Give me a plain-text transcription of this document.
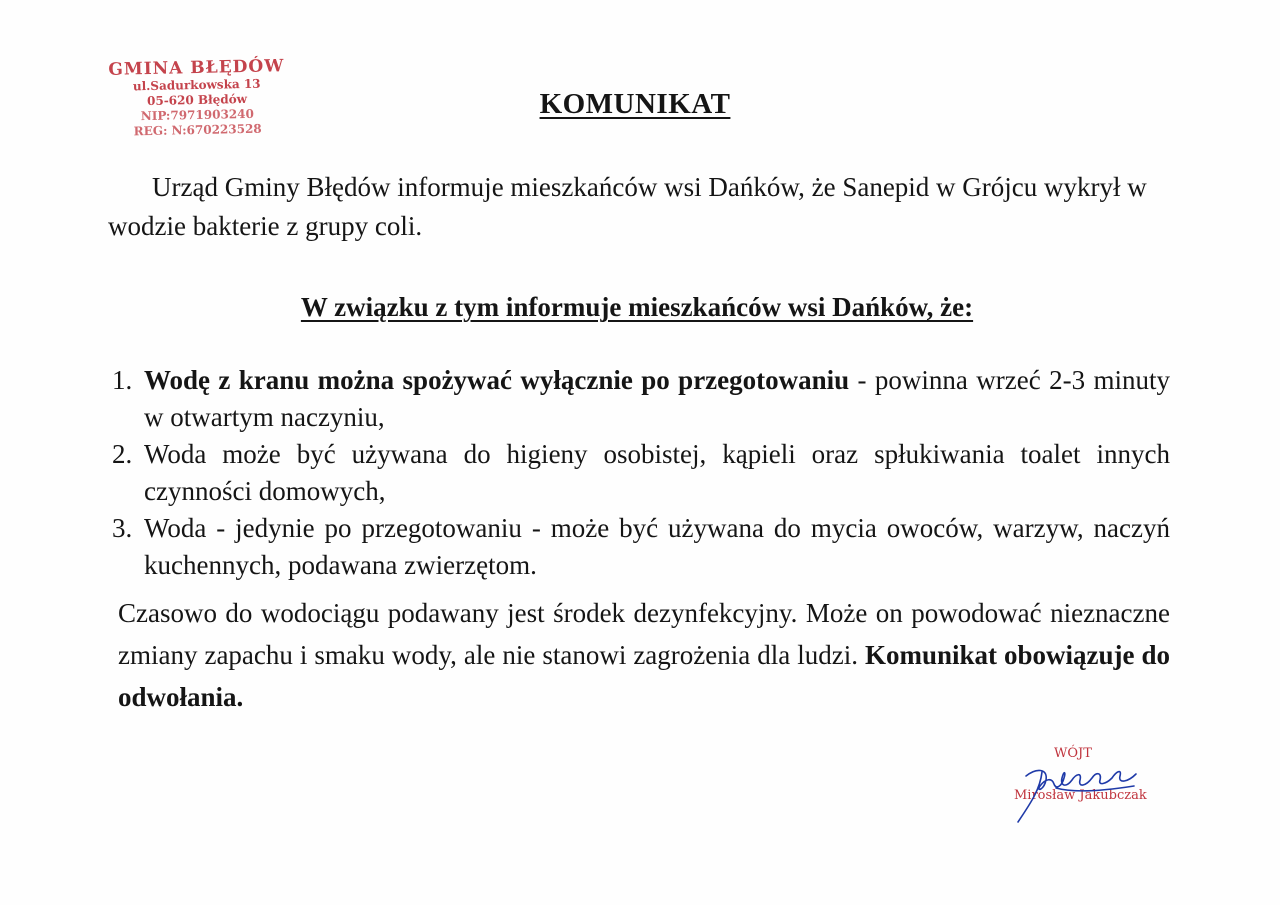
GMINA BŁĘDÓW
ul.Sadurkowska 13
05-620 Błędów
NIP:7971903240
REG: N:670223528
KOMUNIKAT
Urząd Gminy Błędów informuje mieszkańców wsi Dańków, że Sanepid w Grójcu wykrył w wodzie bakterie z grupy coli.
W związku z tym informuje mieszkańców wsi Dańków, że:
1. Wodę z kranu można spożywać wyłącznie po przegotowaniu - powinna wrzeć 2-3 minuty w otwartym naczyniu,
2. Woda może być używana do higieny osobistej, kąpieli oraz spłukiwania toalet innych czynności domowych,
3. Woda - jedynie po przegotowaniu - może być używana do mycia owoców, warzyw, naczyń kuchennych, podawana zwierzętom.
Czasowo do wodociągu podawany jest środek dezynfekcyjny. Może on powodować nieznaczne zmiany zapachu i smaku wody, ale nie stanowi zagrożenia dla ludzi. Komunikat obowiązuje do odwołania.
WÓJT
Mirosław Jakubczak
